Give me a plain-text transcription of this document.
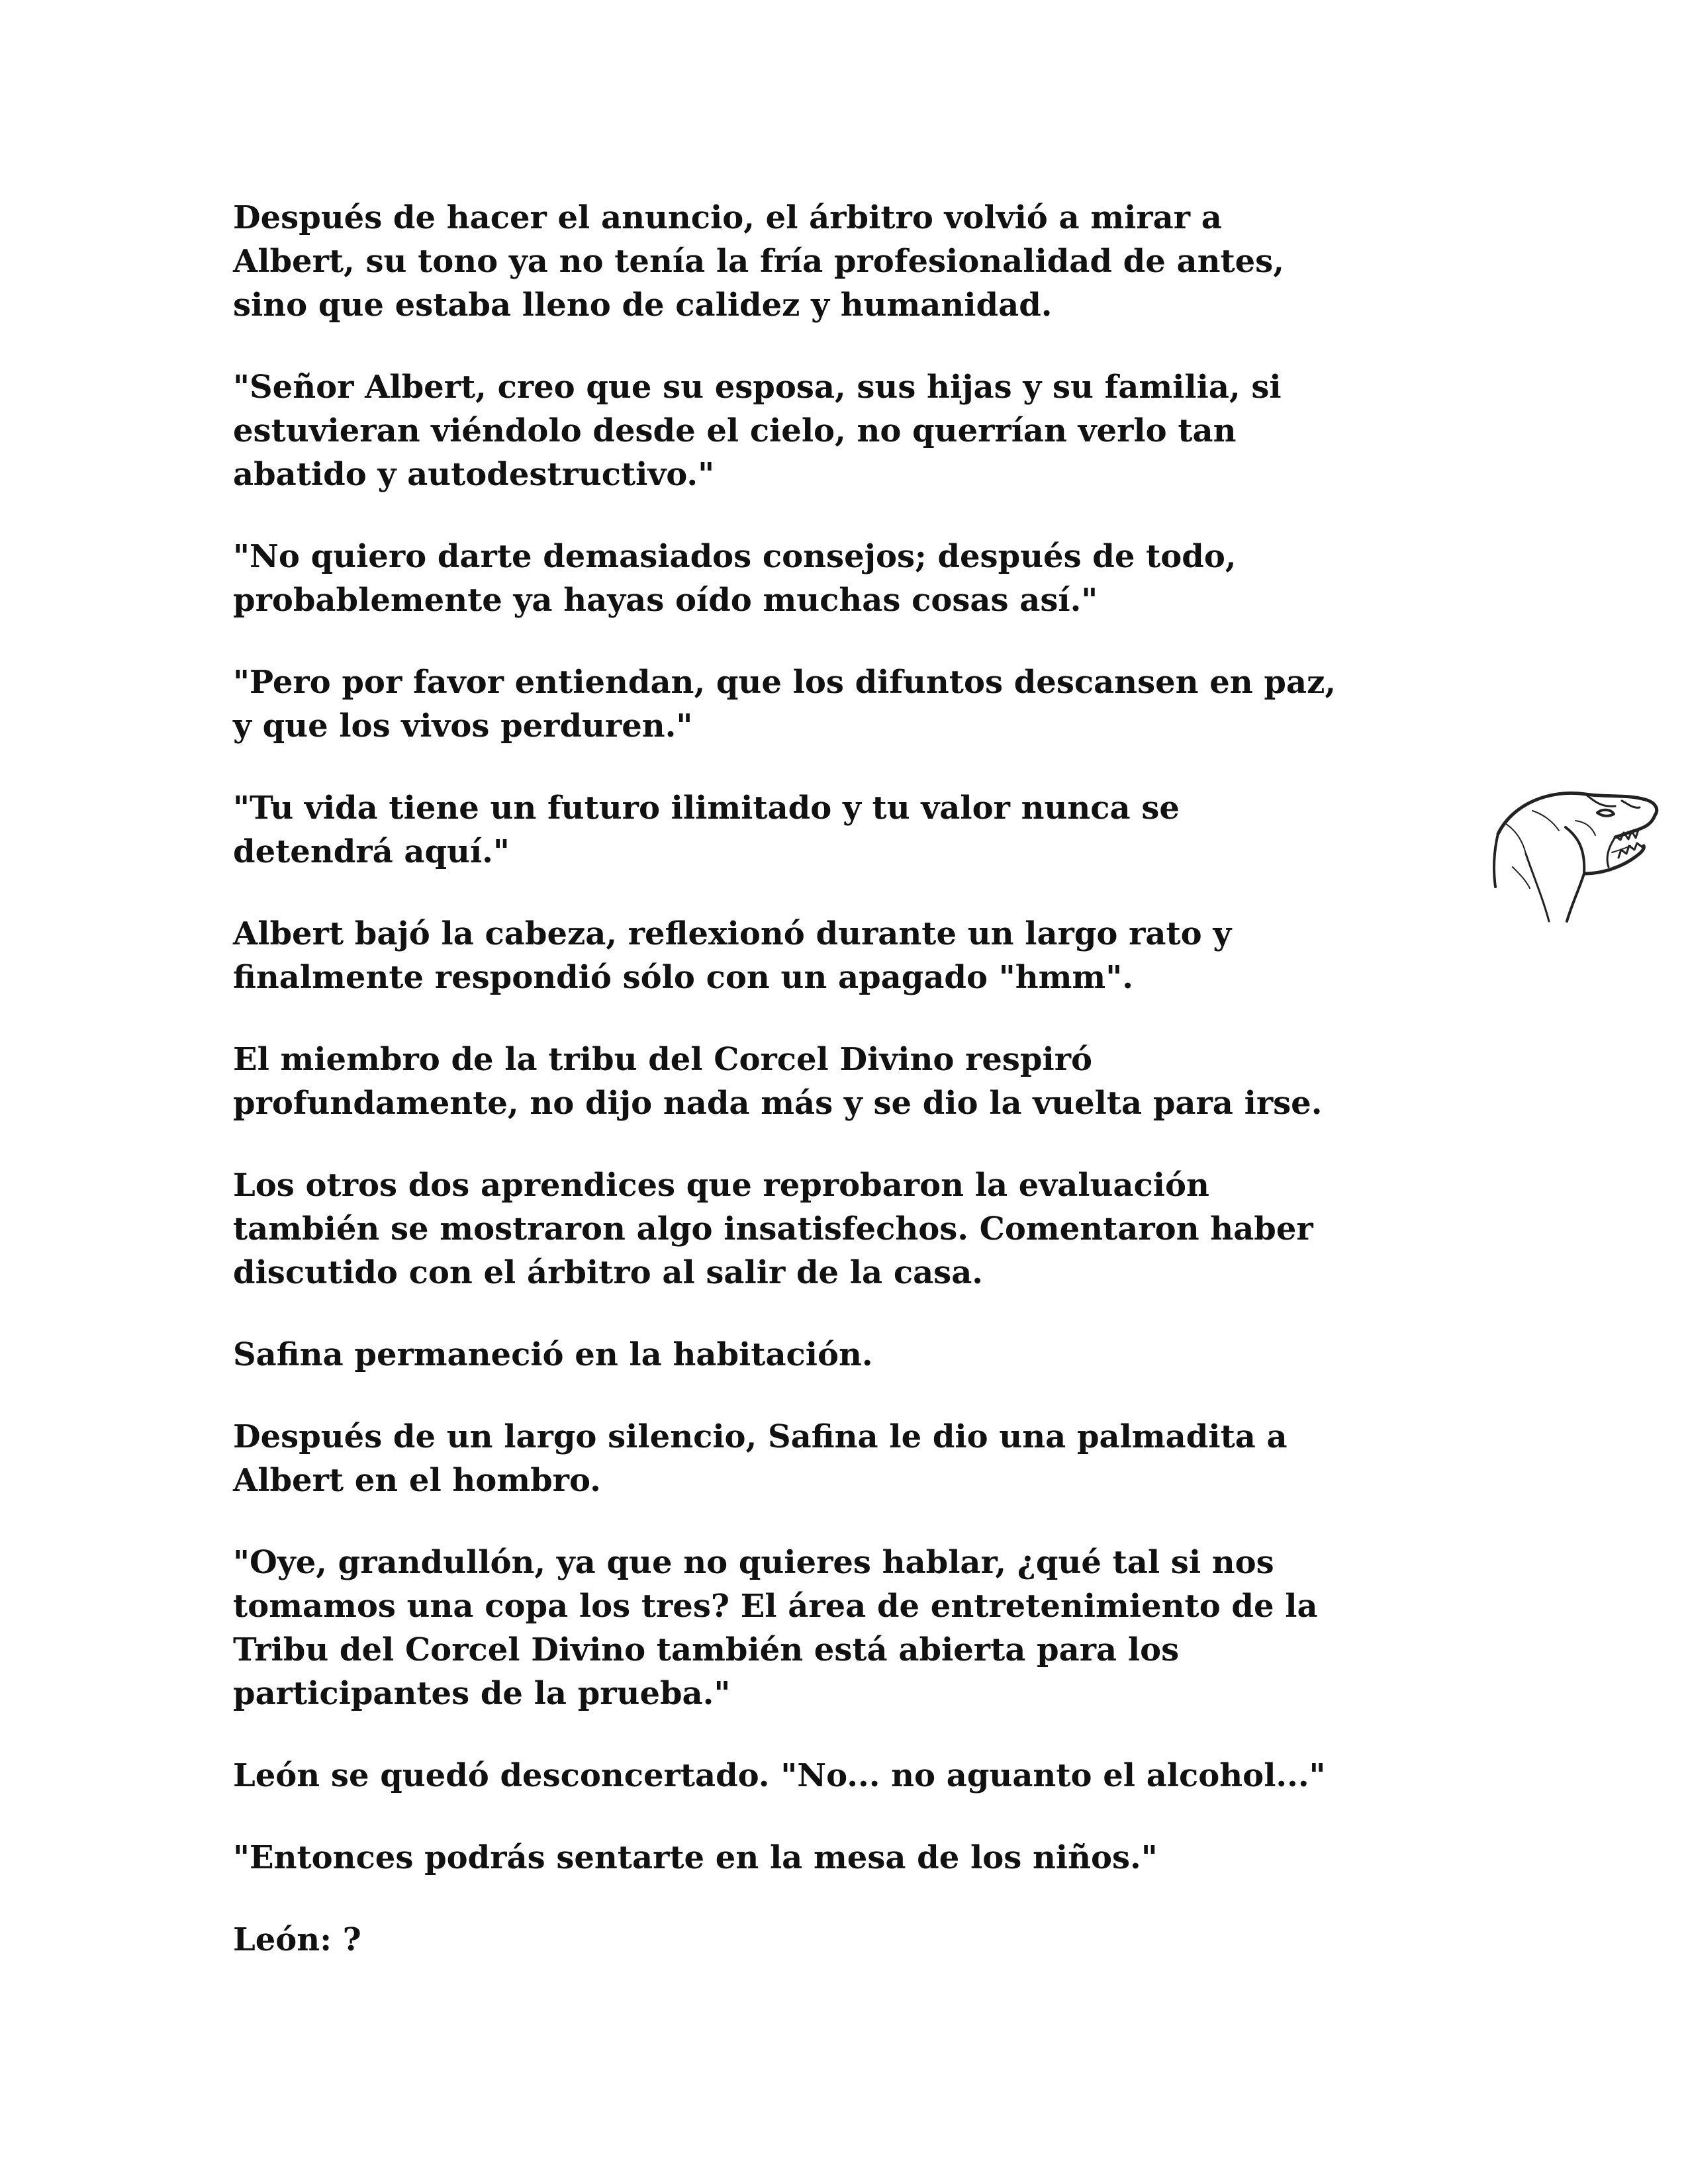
Después de hacer el anuncio, el árbitro volvió a mirar a
Albert, su tono ya no tenía la fría profesionalidad de antes,
sino que estaba lleno de calidez y humanidad.

"Señor Albert, creo que su esposa, sus hijas y su familia, si
estuvieran viéndolo desde el cielo, no querrían verlo tan
abatido y autodestructivo."

"No quiero darte demasiados consejos; después de todo,
probablemente ya hayas oído muchas cosas así."

"Pero por favor entiendan, que los difuntos descansen en paz,
y que los vivos perduren."

"Tu vida tiene un futuro ilimitado y tu valor nunca se
detendrá aquí."

Albert bajó la cabeza, reflexionó durante un largo rato y
finalmente respondió sólo con un apagado "hmm".

El miembro de la tribu del Corcel Divino respiró
profundamente, no dijo nada más y se dio la vuelta para irse.

Los otros dos aprendices que reprobaron la evaluación
también se mostraron algo insatisfechos. Comentaron haber
discutido con el árbitro al salir de la casa.

Safina permaneció en la habitación.

Después de un largo silencio, Safina le dio una palmadita a
Albert en el hombro.

"Oye, grandullón, ya que no quieres hablar, ¿qué tal si nos
tomamos una copa los tres? El área de entretenimiento de la
Tribu del Corcel Divino también está abierta para los
participantes de la prueba."

León se quedó desconcertado. "No... no aguanto el alcohol..."

"Entonces podrás sentarte en la mesa de los niños."

León: ?
